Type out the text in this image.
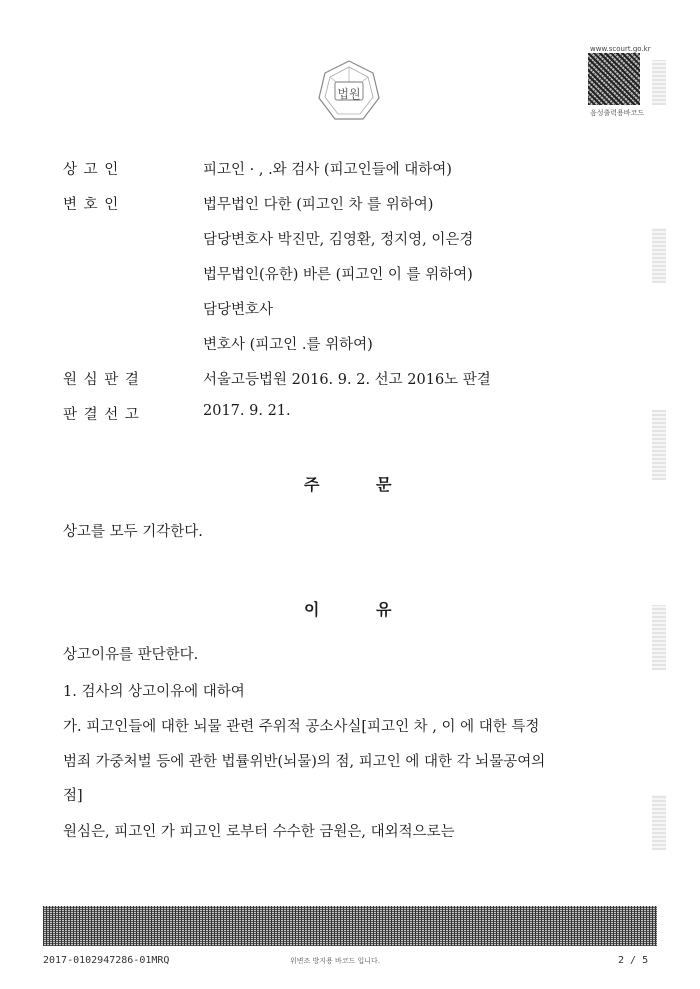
법원
www.scourt.go.kr
음성출력용바코드
상 고 인	피고인 · , .와 검사 (피고인들에 대하여)
변 호 인	법무법인 다한 (피고인 차 를 위하여)
담당변호사 박진만, 김영환, 정지영, 이은경
법무법인(유한) 바른 (피고인 이 를 위하여)
담당변호사
변호사 (피고인 .를 위하여)
원 심 판 결	서울고등법원 2016. 9. 2. 선고 2016노 판결
판 결 선 고	2017. 9. 21.
주	문
상고를 모두 기각한다.
이	유
상고이유를 판단한다.
1. 검사의 상고이유에 대하여
가. 피고인들에 대한 뇌물 관련 주위적 공소사실[피고인 차 , 이 에 대한 특정
범죄 가중처벌 등에 관한 법률위반(뇌물)의 점, 피고인 에 대한 각 뇌물공여의
점]
원심은, 피고인 가 피고인 로부터 수수한 금원은, 대외적으로는
2017-0102947286-01MRQ	위변조 방지용 바코드 입니다.	2 / 5
